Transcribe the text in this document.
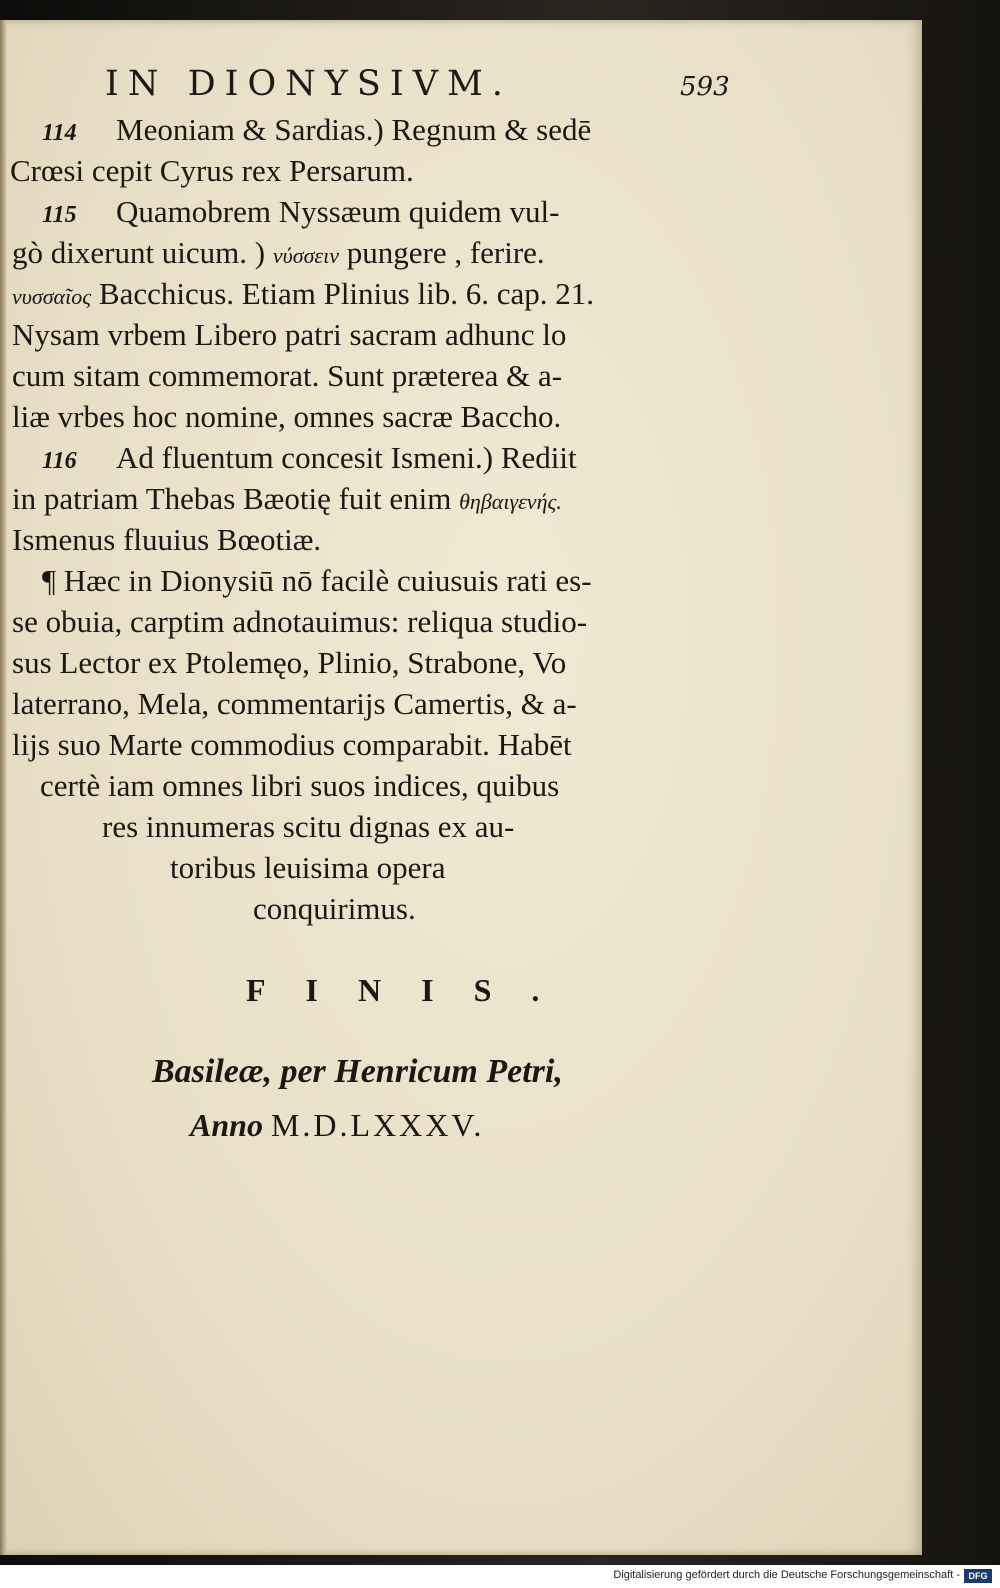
IN DIONYSIVM.	593
114 Meoniam & Sardias.) Regnum & sedē
Crœsi cepit Cyrus rex Persarum.
115 Quamobrem Nyssæum quidem vul-
gò dixerunt uicum. ) νύσσειν pungere , ferire.
νυσσαῖος Bacchicus. Etiam Plinius lib. 6. cap. 21.
Nysam vrbem Libero patri sacram adhunc lo
cum sitam commemorat. Sunt præterea & a-
liæ vrbes hoc nomine, omnes sacræ Baccho.
116 Ad fluentum concesit Ismeni.) Rediit
in patriam Thebas Bæotię fuit enim θηβαιγενής.
Ismenus fluuius Bœotiæ.
¶ Hæc in Dionysiū nō facilè cuiusuis rati es-
se obuia, carptim adnotauimus: reliqua studio-
sus Lector ex Ptolemęo, Plinio, Strabone, Vo
laterrano, Mela, commentarijs Camertis, & a-
lijs suo Marte commodius comparabit. Habēt
certè iam omnes libri suos indices, quibus
res innumeras scitu dignas ex au-
toribus leuisima opera
conquirimus.
FINIS.
Basileæ, per Henricum Petri,
Anno M.D.LXXXV.
Digitalisierung gefördert durch die Deutsche Forschungsgemeinschaft - DFG
